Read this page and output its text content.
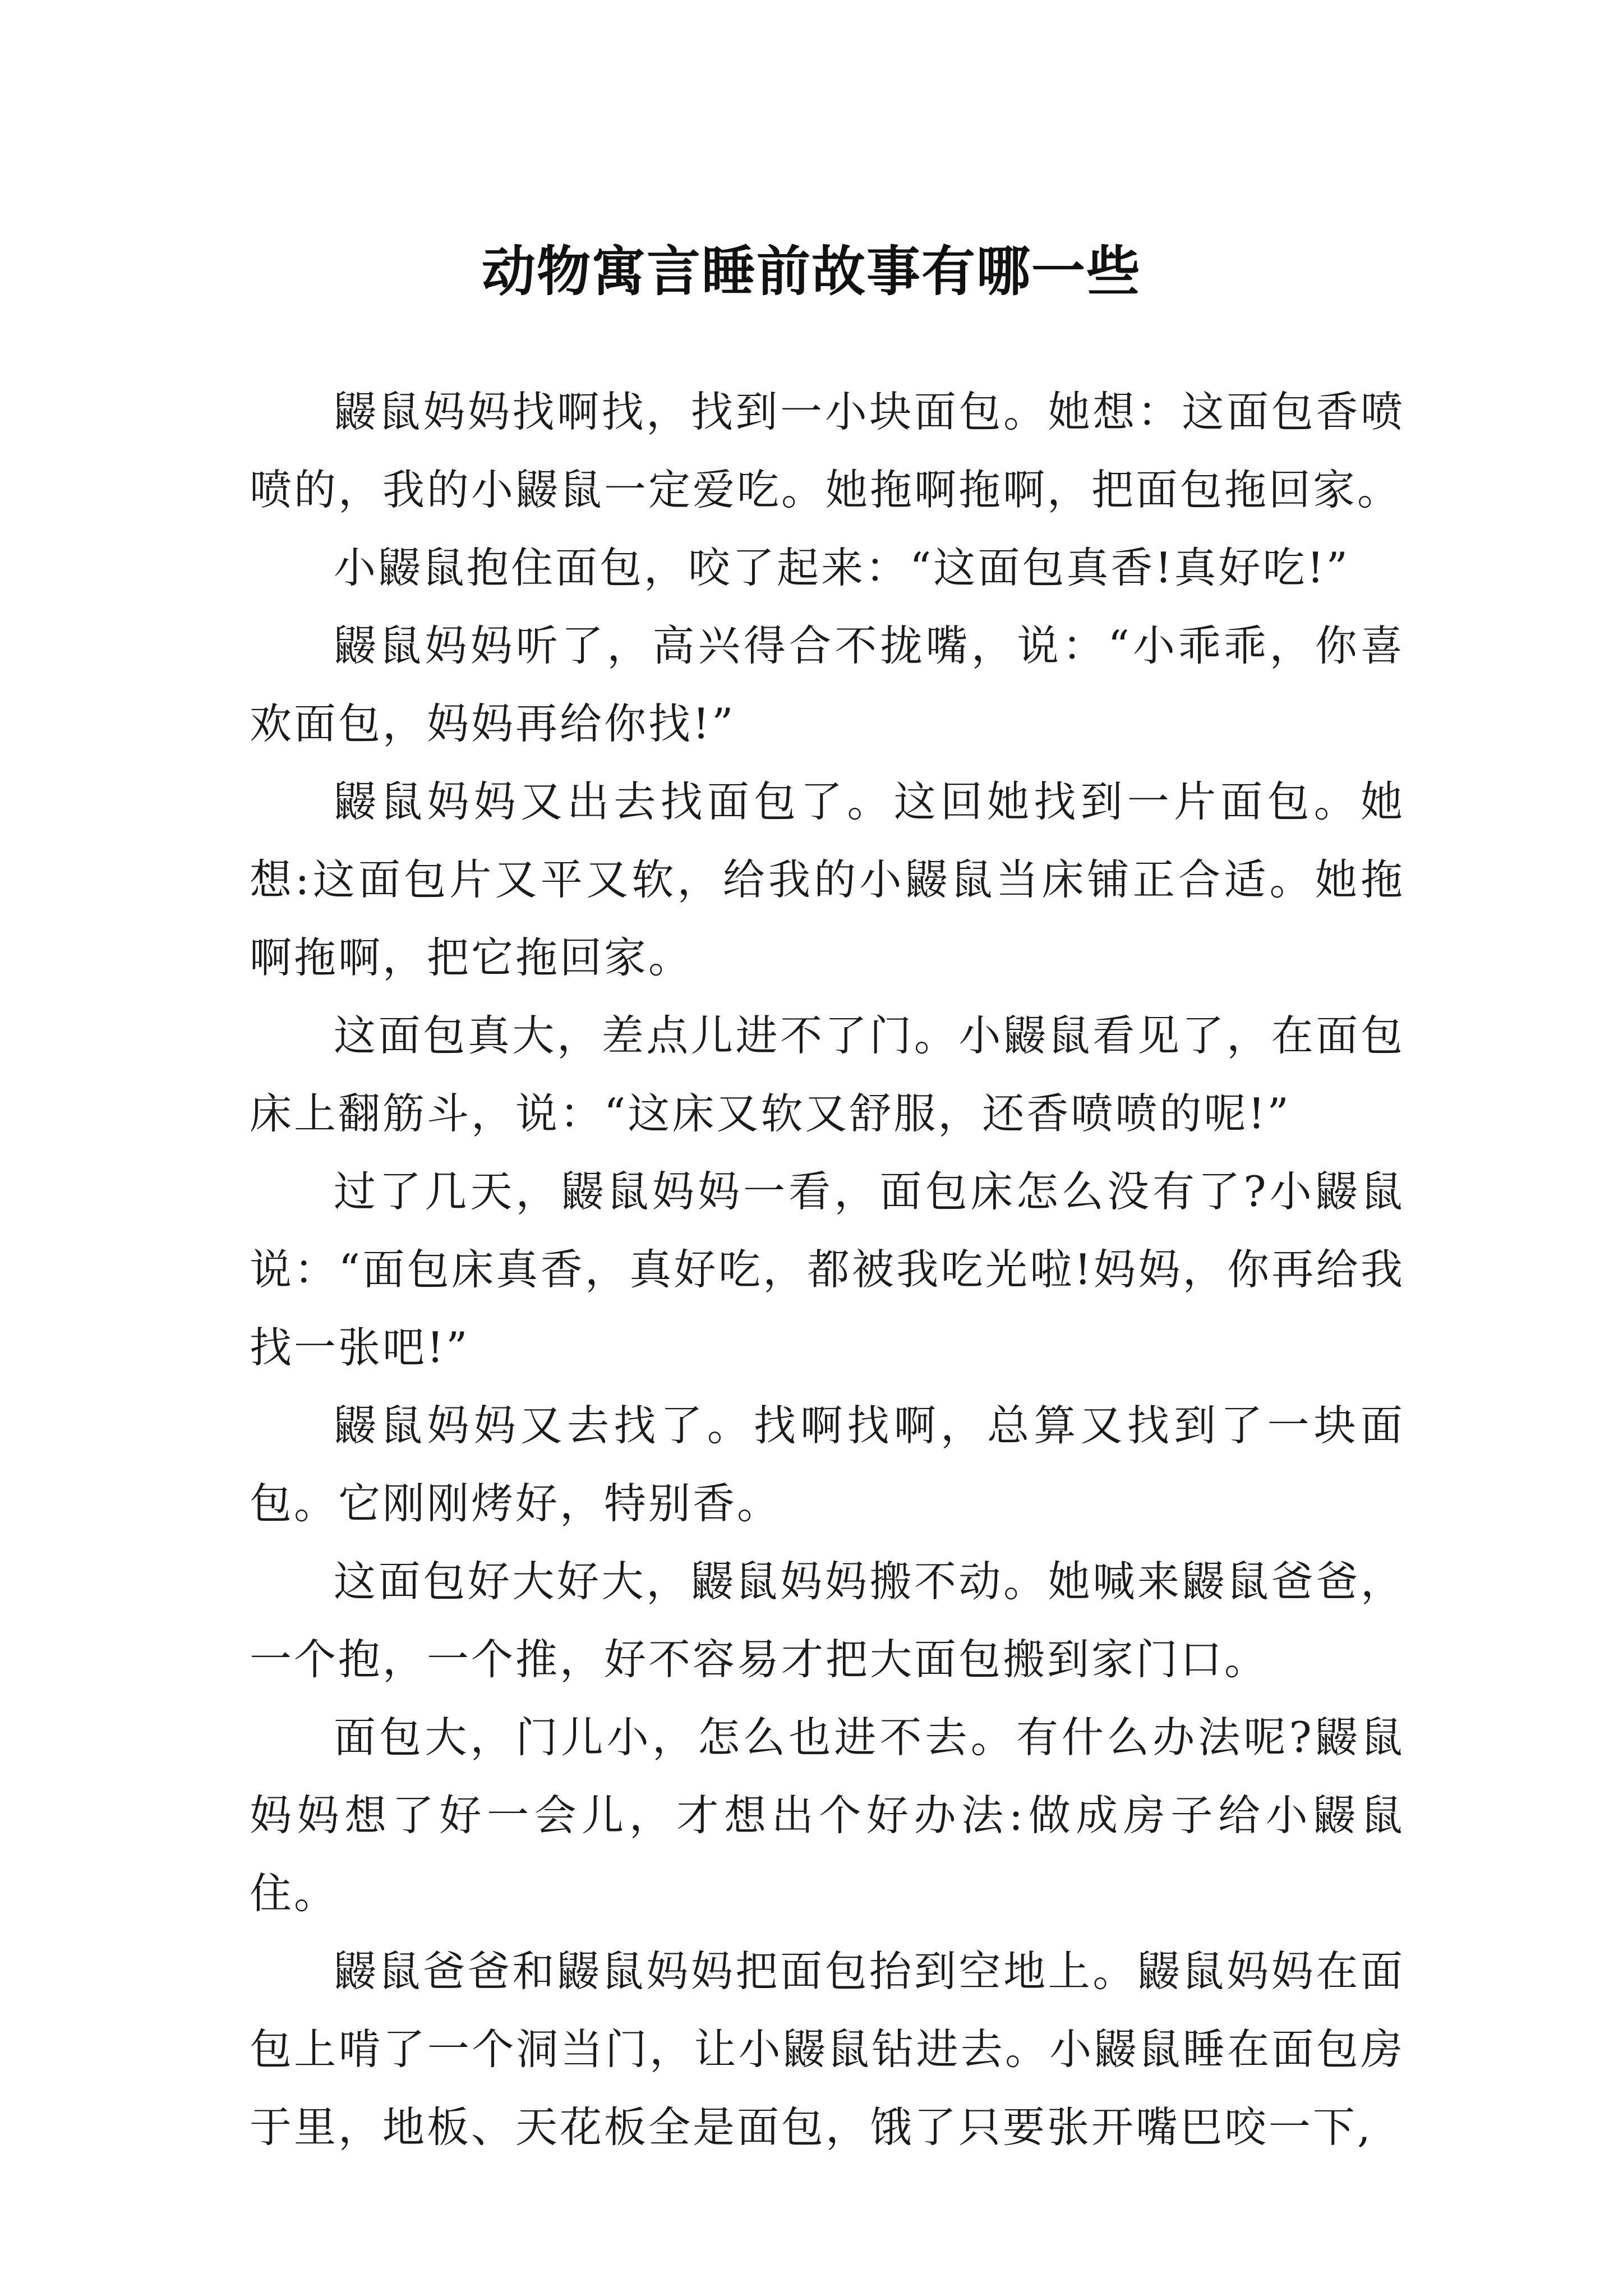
动物寓言睡前故事有哪一些

鼹鼠妈妈找啊找，找到一小块面包。她想：这面包香喷喷的，我的小鼹鼠一定爱吃。她拖啊拖啊，把面包拖回家。

小鼹鼠抱住面包，咬了起来：“这面包真香!真好吃!”

鼹鼠妈妈听了，高兴得合不拢嘴，说：“小乖乖，你喜欢面包，妈妈再给你找!”

鼹鼠妈妈又出去找面包了。这回她找到一片面包。她想:这面包片又平又软，给我的小鼹鼠当床铺正合适。她拖啊拖啊，把它拖回家。

这面包真大，差点儿进不了门。小鼹鼠看见了，在面包床上翻筋斗，说：“这床又软又舒服，还香喷喷的呢!”

过了几天，鼹鼠妈妈一看，面包床怎么没有了?小鼹鼠说：“面包床真香，真好吃，都被我吃光啦!妈妈，你再给我找一张吧!”

鼹鼠妈妈又去找了。找啊找啊，总算又找到了一块面包。它刚刚烤好，特别香。

这面包好大好大，鼹鼠妈妈搬不动。她喊来鼹鼠爸爸，一个抱，一个推，好不容易才把大面包搬到家门口。

面包大，门儿小，怎么也进不去。有什么办法呢?鼹鼠妈妈想了好一会儿，才想出个好办法:做成房子给小鼹鼠住。

鼹鼠爸爸和鼹鼠妈妈把面包抬到空地上。鼹鼠妈妈在面包上啃了一个洞当门，让小鼹鼠钻进去。小鼹鼠睡在面包房于里，地板、天花板全是面包，饿了只要张开嘴巴咬一下,
